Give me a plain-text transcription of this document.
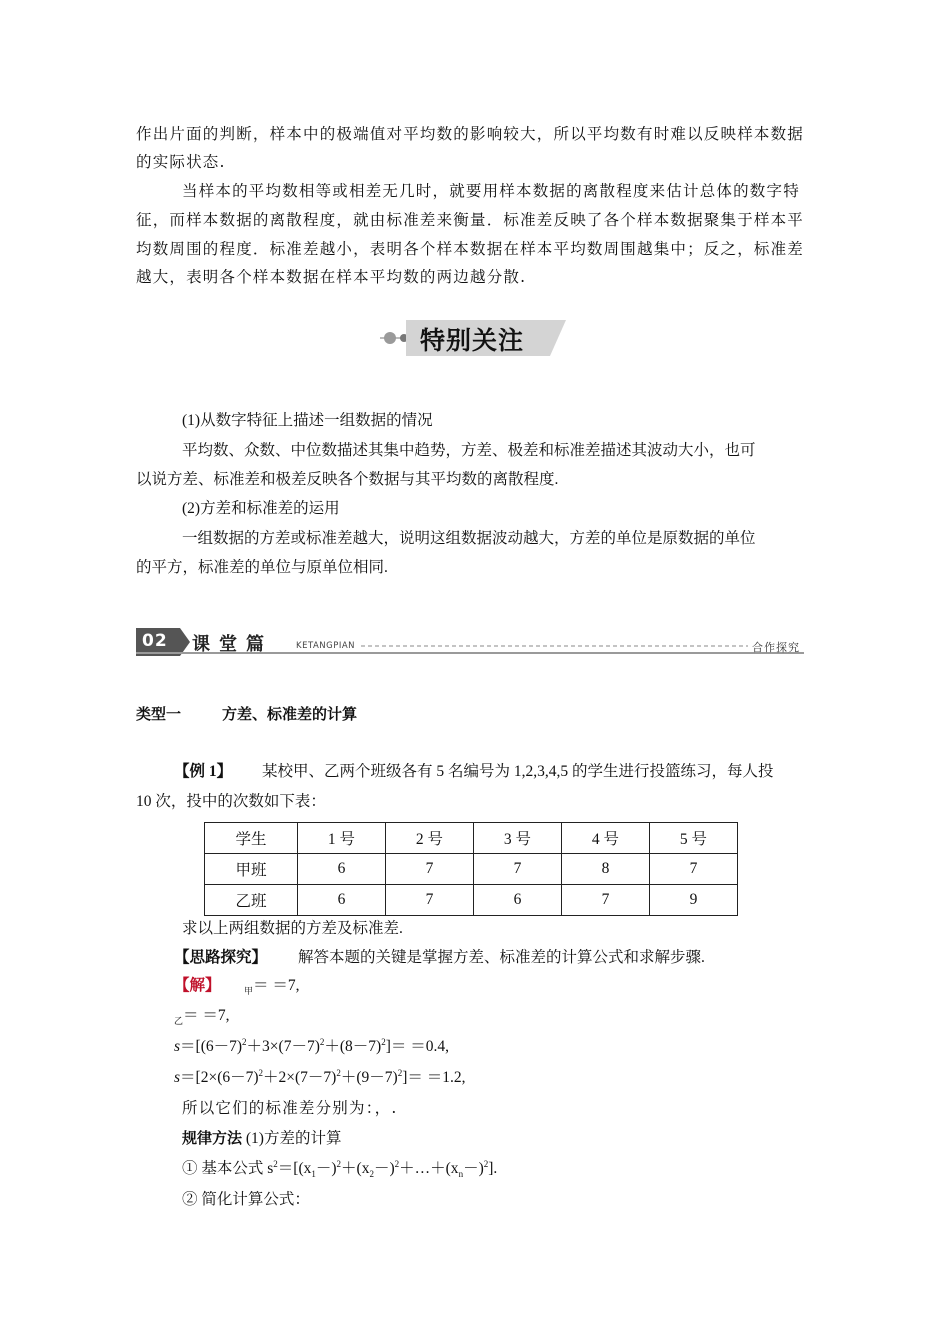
作出片面的判断，样本中的极端值对平均数的影响较大，所以平均数有时难以反映样本数据
的实际状态.
当样本的平均数相等或相差无几时，就要用样本数据的离散程度来估计总体的数字特
征，而样本数据的离散程度，就由标准差来衡量．标准差反映了各个样本数据聚集于样本平
均数周围的程度．标准差越小，表明各个样本数据在样本平均数周围越集中；反之，标准差
越大，表明各个样本数据在样本平均数的两边越分散.
特别关注
(1)从数字特征上描述一组数据的情况
平均数、众数、中位数描述其集中趋势，方差、极差和标准差描述其波动大小，也可
以说方差、标准差和极差反映各个数据与其平均数的离散程度.
(2)方差和标准差的运用
一组数据的方差或标准差越大，说明这组数据波动越大，方差的单位是原数据的单位
的平方，标准差的单位与原单位相同.
02 课堂篇	KETANGPIAN	合作探究
类型一	方差、标准差的计算
【例 1】 某校甲、乙两个班级各有 5 名编号为 1,2,3,4,5 的学生进行投篮练习，每人投
10 次，投中的次数如下表：
学生	1 号	2 号	3 号	4 号	5 号
甲班	6	7	7	8	7
乙班	6	7	6	7	9
求以上两组数据的方差及标准差.
【思路探究】 解答本题的关键是掌握方差、标准差的计算公式和求解步骤.
【解】	$_甲$＝ ＝7,
$_乙$＝ ＝7,
$s=[(6-7)^2+3\times(7-7)^2+(8-7)^2]= =0.4$,
$s=[2\times(6-7)^2+2\times(7-7)^2+(9-7)^2]= =1.2$,
所以它们的标准差分别为：，.
规律方法 (1)方差的计算
① 基本公式 $s^2=[(x_1-)^2+(x_2-)^2+\dots+(x_n-)^2]$.
② 简化计算公式：
